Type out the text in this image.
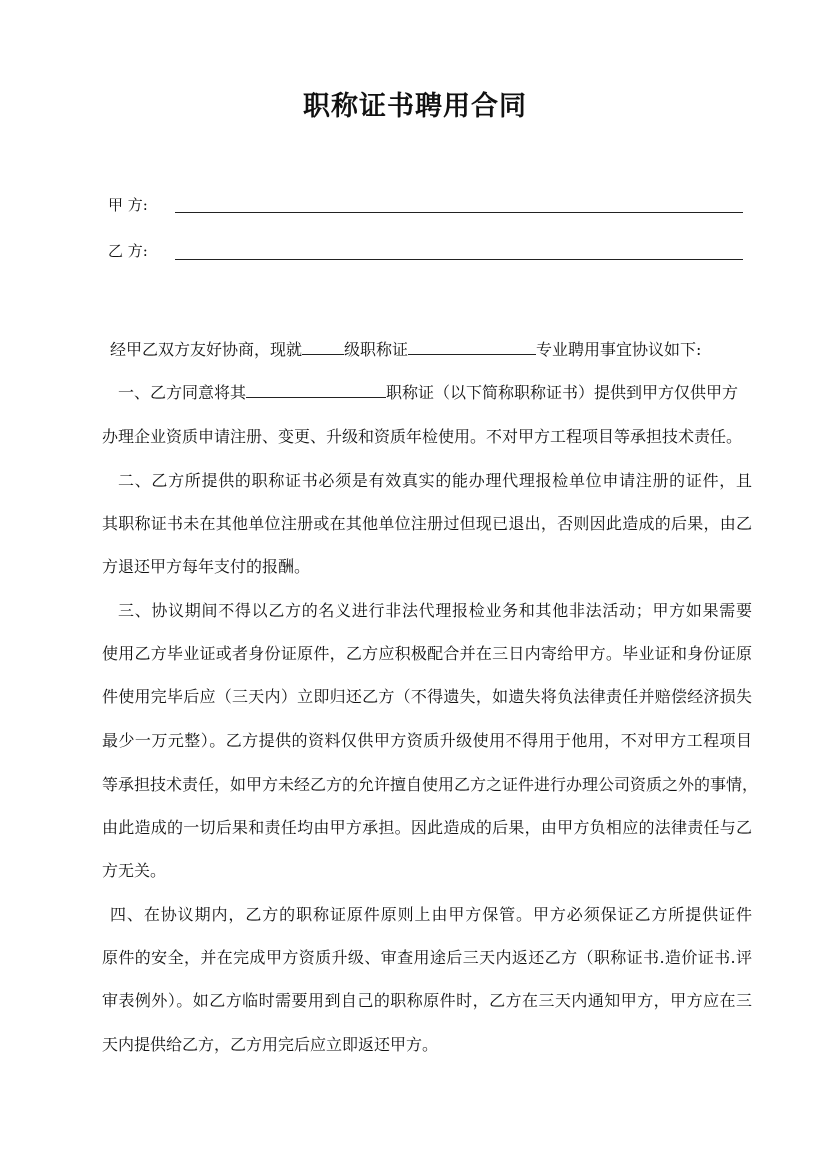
职称证书聘用合同
甲 方:
乙 方:
经甲乙双方友好协商，现就	级职称证	专业聘用事宜协议如下:
一、乙方同意将其	职称证（以下简称职称证书）提供到甲方仅供甲方
办理企业资质申请注册、变更、升级和资质年检使用。不对甲方工程项目等承担技术责任。
二、乙方所提供的职称证书必须是有效真实的能办理代理报检单位申请注册的证件，且
其职称证书未在其他单位注册或在其他单位注册过但现已退出，否则因此造成的后果，由乙
方退还甲方每年支付的报酬。
三、协议期间不得以乙方的名义进行非法代理报检业务和其他非法活动；甲方如果需要
使用乙方毕业证或者身份证原件，乙方应积极配合并在三日内寄给甲方。毕业证和身份证原
件使用完毕后应（三天内）立即归还乙方（不得遗失，如遗失将负法律责任并赔偿经济损失
最少一万元整）。乙方提供的资料仅供甲方资质升级使用不得用于他用，不对甲方工程项目
等承担技术责任，如甲方未经乙方的允许擅自使用乙方之证件进行办理公司资质之外的事情，
由此造成的一切后果和责任均由甲方承担。因此造成的后果，由甲方负相应的法律责任与乙
方无关。
四、在协议期内，乙方的职称证原件原则上由甲方保管。甲方必须保证乙方所提供证件
原件的安全，并在完成甲方资质升级、审查用途后三天内返还乙方（职称证书.造价证书.评
审表例外）。如乙方临时需要用到自己的职称原件时，乙方在三天内通知甲方，甲方应在三
天内提供给乙方，乙方用完后应立即返还甲方。
